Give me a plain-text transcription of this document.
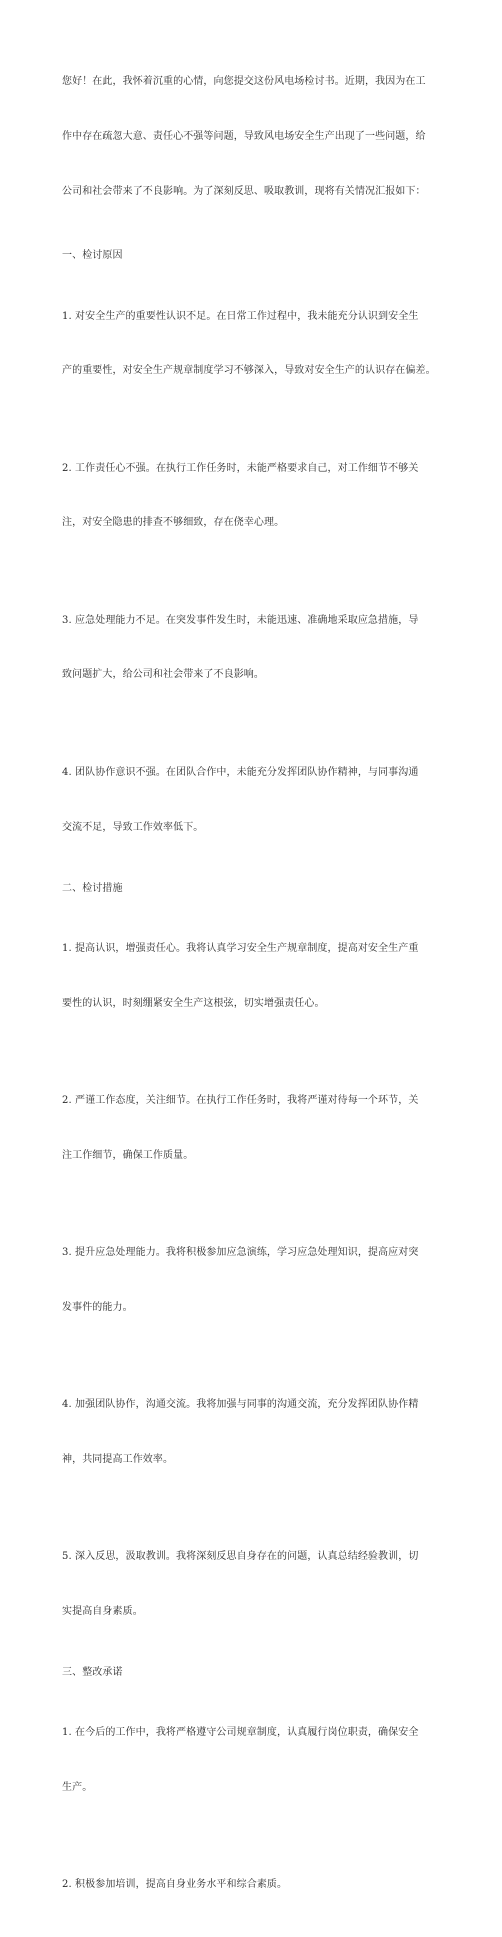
您好！在此，我怀着沉重的心情，向您提交这份风电场检讨书。近期，我因为在工

作中存在疏忽大意、责任心不强等问题，导致风电场安全生产出现了一些问题，给

公司和社会带来了不良影响。为了深刻反思、吸取教训，现将有关情况汇报如下：

一、检讨原因

1. 对安全生产的重要性认识不足。在日常工作过程中，我未能充分认识到安全生

产的重要性，对安全生产规章制度学习不够深入，导致对安全生产的认识存在偏差。

2. 工作责任心不强。在执行工作任务时，未能严格要求自己，对工作细节不够关

注，对安全隐患的排查不够细致，存在侥幸心理。

3. 应急处理能力不足。在突发事件发生时，未能迅速、准确地采取应急措施，导

致问题扩大，给公司和社会带来了不良影响。

4. 团队协作意识不强。在团队合作中，未能充分发挥团队协作精神，与同事沟通

交流不足，导致工作效率低下。

二、检讨措施

1. 提高认识，增强责任心。我将认真学习安全生产规章制度，提高对安全生产重

要性的认识，时刻绷紧安全生产这根弦，切实增强责任心。

2. 严谨工作态度，关注细节。在执行工作任务时，我将严谨对待每一个环节，关

注工作细节，确保工作质量。

3. 提升应急处理能力。我将积极参加应急演练，学习应急处理知识，提高应对突

发事件的能力。

4. 加强团队协作，沟通交流。我将加强与同事的沟通交流，充分发挥团队协作精

神，共同提高工作效率。

5. 深入反思，汲取教训。我将深刻反思自身存在的问题，认真总结经验教训，切

实提高自身素质。

三、整改承诺

1. 在今后的工作中，我将严格遵守公司规章制度，认真履行岗位职责，确保安全

生产。

2. 积极参加培训，提高自身业务水平和综合素质。
